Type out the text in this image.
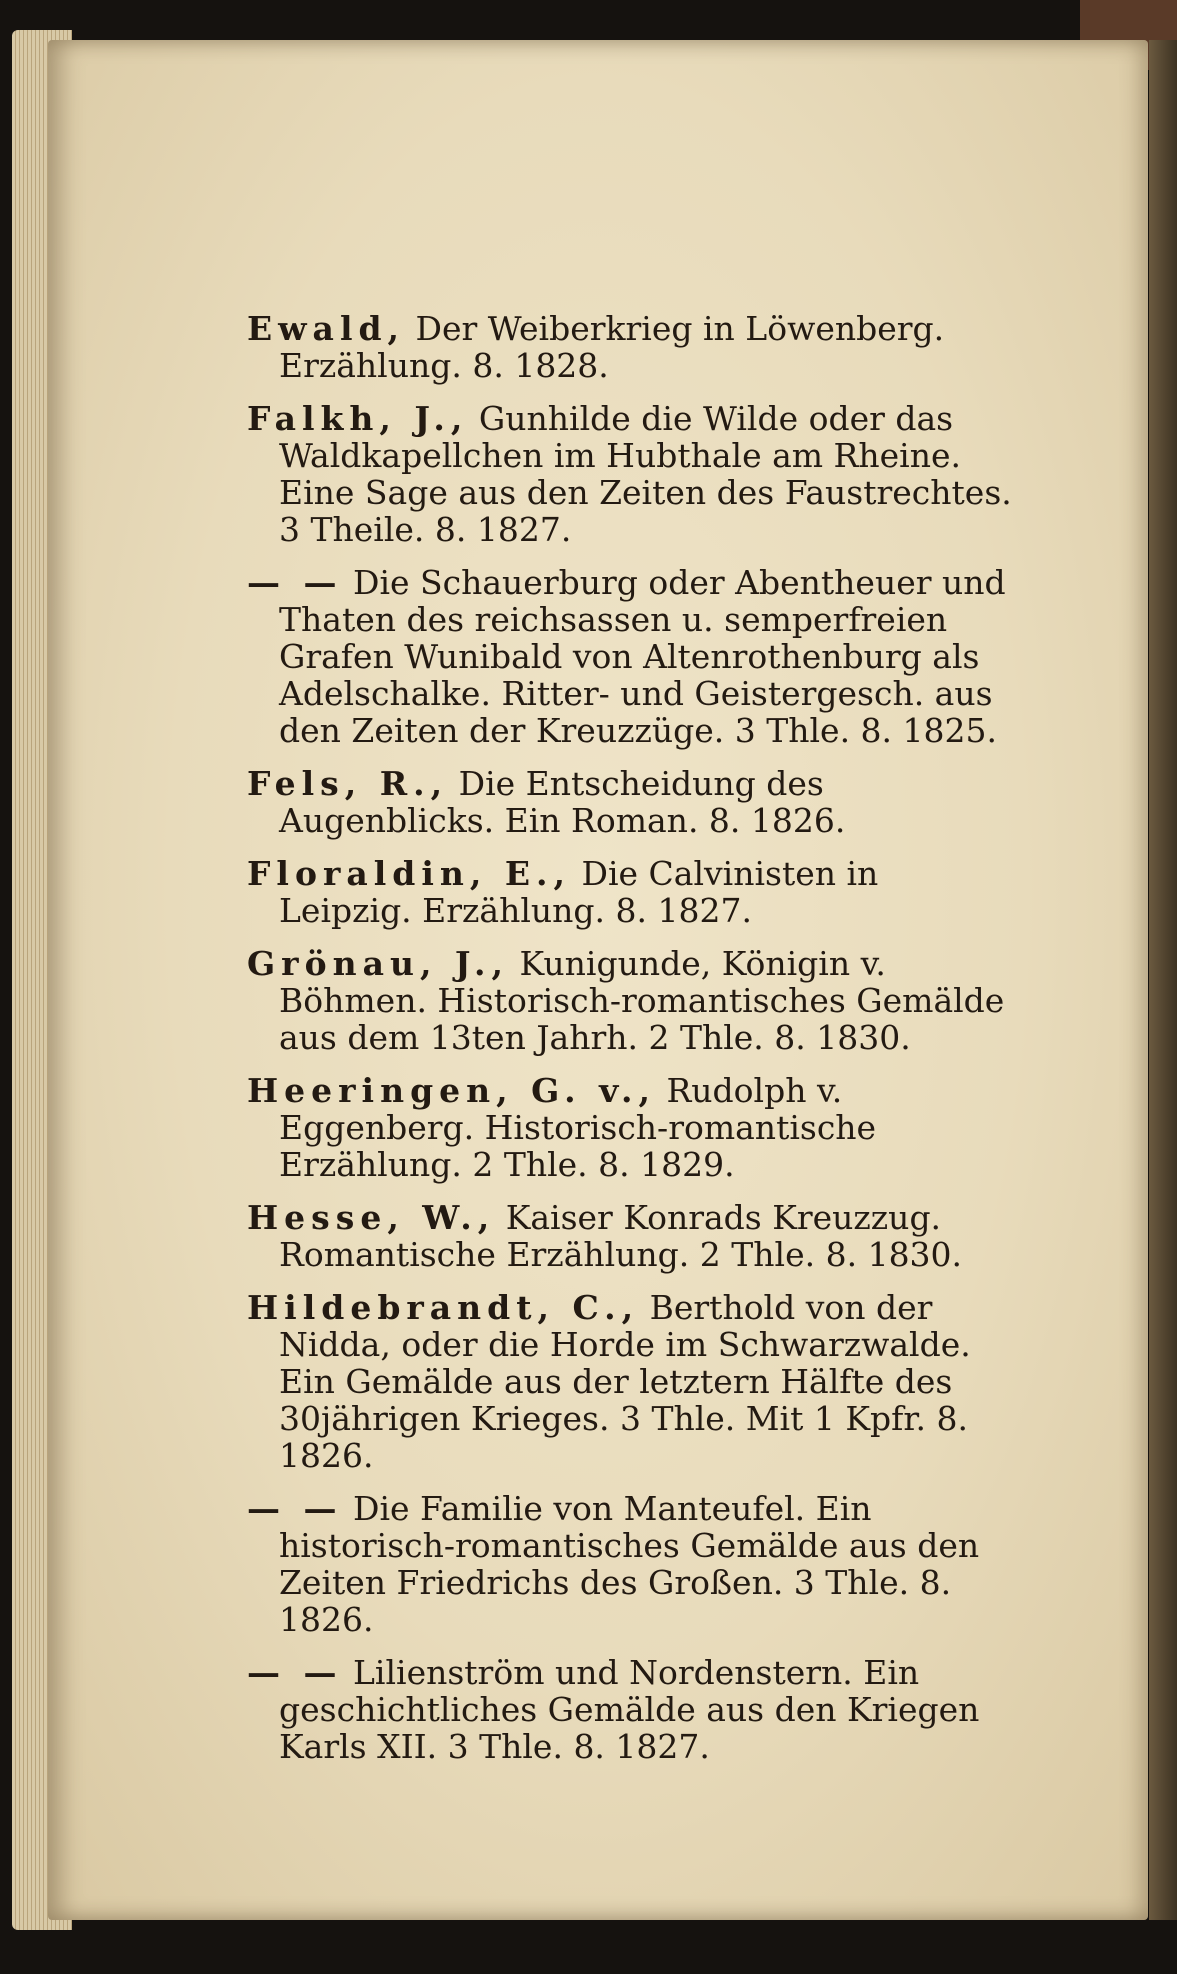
Ewald, Der Weiberkrieg in Löwenberg. Erzählung. 8. 1828.
Falkh, J., Gunhilde die Wilde oder das Waldkapellchen im Hubthale am Rheine. Eine Sage aus den Zeiten des Faustrechtes. 3 Theile. 8. 1827.
— — Die Schauerburg oder Abentheuer und Thaten des reichsassen u. semperfreien Grafen Wunibald von Altenrothenburg als Adelschalke. Ritter- und Geistergesch. aus den Zeiten der Kreuzzüge. 3 Thle. 8. 1825.
Fels, R., Die Entscheidung des Augenblicks. Ein Roman. 8. 1826.
Floraldin, E., Die Calvinisten in Leipzig. Erzählung. 8. 1827.
Grönau, J., Kunigunde, Königin v. Böhmen. Historisch-romantisches Gemälde aus dem 13ten Jahrh. 2 Thle. 8. 1830.
Heeringen, G. v., Rudolph v. Eggenberg. Historisch-romantische Erzählung. 2 Thle. 8. 1829.
Hesse, W., Kaiser Konrads Kreuzzug. Romantische Erzählung. 2 Thle. 8. 1830.
Hildebrandt, C., Berthold von der Nidda, oder die Horde im Schwarzwalde. Ein Gemälde aus der letztern Hälfte des 30jährigen Krieges. 3 Thle. Mit 1 Kpfr. 8. 1826.
— — Die Familie von Manteufel. Ein historisch-romantisches Gemälde aus den Zeiten Friedrichs des Großen. 3 Thle. 8. 1826.
— — Lilienström und Nordenstern. Ein geschichtliches Gemälde aus den Kriegen Karls XII. 3 Thle. 8. 1827.
